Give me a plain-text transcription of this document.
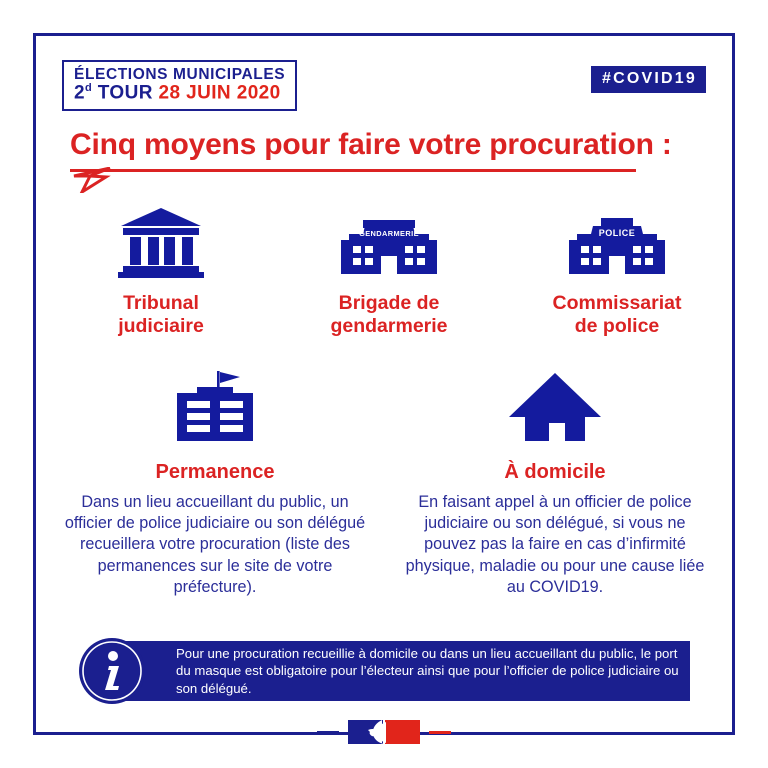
ÉLECTIONS MUNICIPALES
2$^d$ TOUR 28 JUIN 2020
#COVID19
Cinq moyens pour faire votre procuration :
Tribunal
judiciaire
GENDARMERIE
Brigade de
gendarmerie
POLICE
Commissariat
de police
Permanence
Dans un lieu accueillant du public, un officier de police judiciaire ou son délégué recueillera votre procuration (liste des permanences sur le site de votre préfecture).
À domicile
En faisant appel à un officier de police judiciaire ou son délégué, si vous ne pouvez pas la faire en cas d’infirmité physique, maladie ou pour une cause liée au COVID19.
Pour une procuration recueillie à domicile ou dans un lieu accueillant du public, le port du masque est obligatoire pour l’électeur ainsi que pour l’officier de police judiciaire ou son délégué.
